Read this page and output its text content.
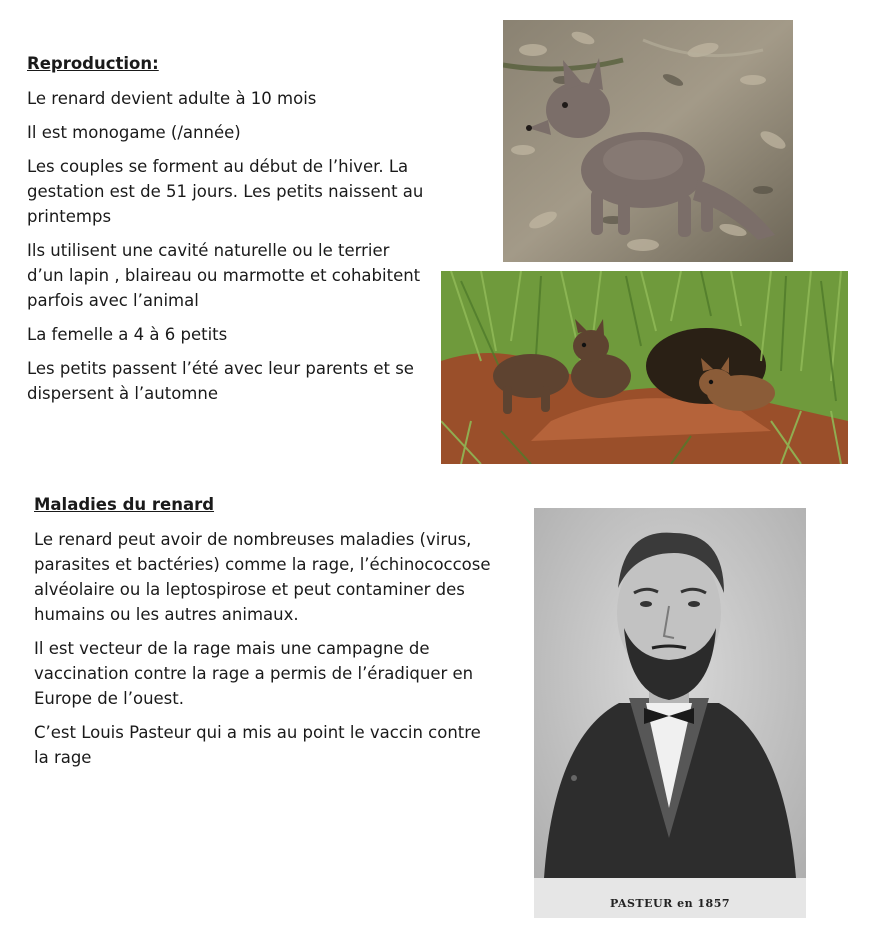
Reproduction:

Le renard devient adulte à 10 mois

Il est monogame (/année)

Les couples se forment au début de l’hiver. La gestation est de 51 jours. Les petits naissent au printemps

Ils utilisent une cavité naturelle ou le terrier d’un lapin , blaireau ou marmotte et cohabitent parfois avec l’animal

La femelle a 4 à 6 petits

Les petits passent l’été avec leur parents et se dispersent à l’automne

Maladies du renard

Le renard peut avoir de nombreuses maladies (virus, parasites et bactéries) comme la rage, l’échinococcose alvéolaire ou la leptospirose et peut contaminer des humains ou les autres animaux.

Il est vecteur de la rage mais une campagne de vaccination contre la rage a permis de l’éradiquer en Europe de l’ouest.

C’est Louis Pasteur qui a mis au point le vaccin contre la rage

PASTEUR en 1857
